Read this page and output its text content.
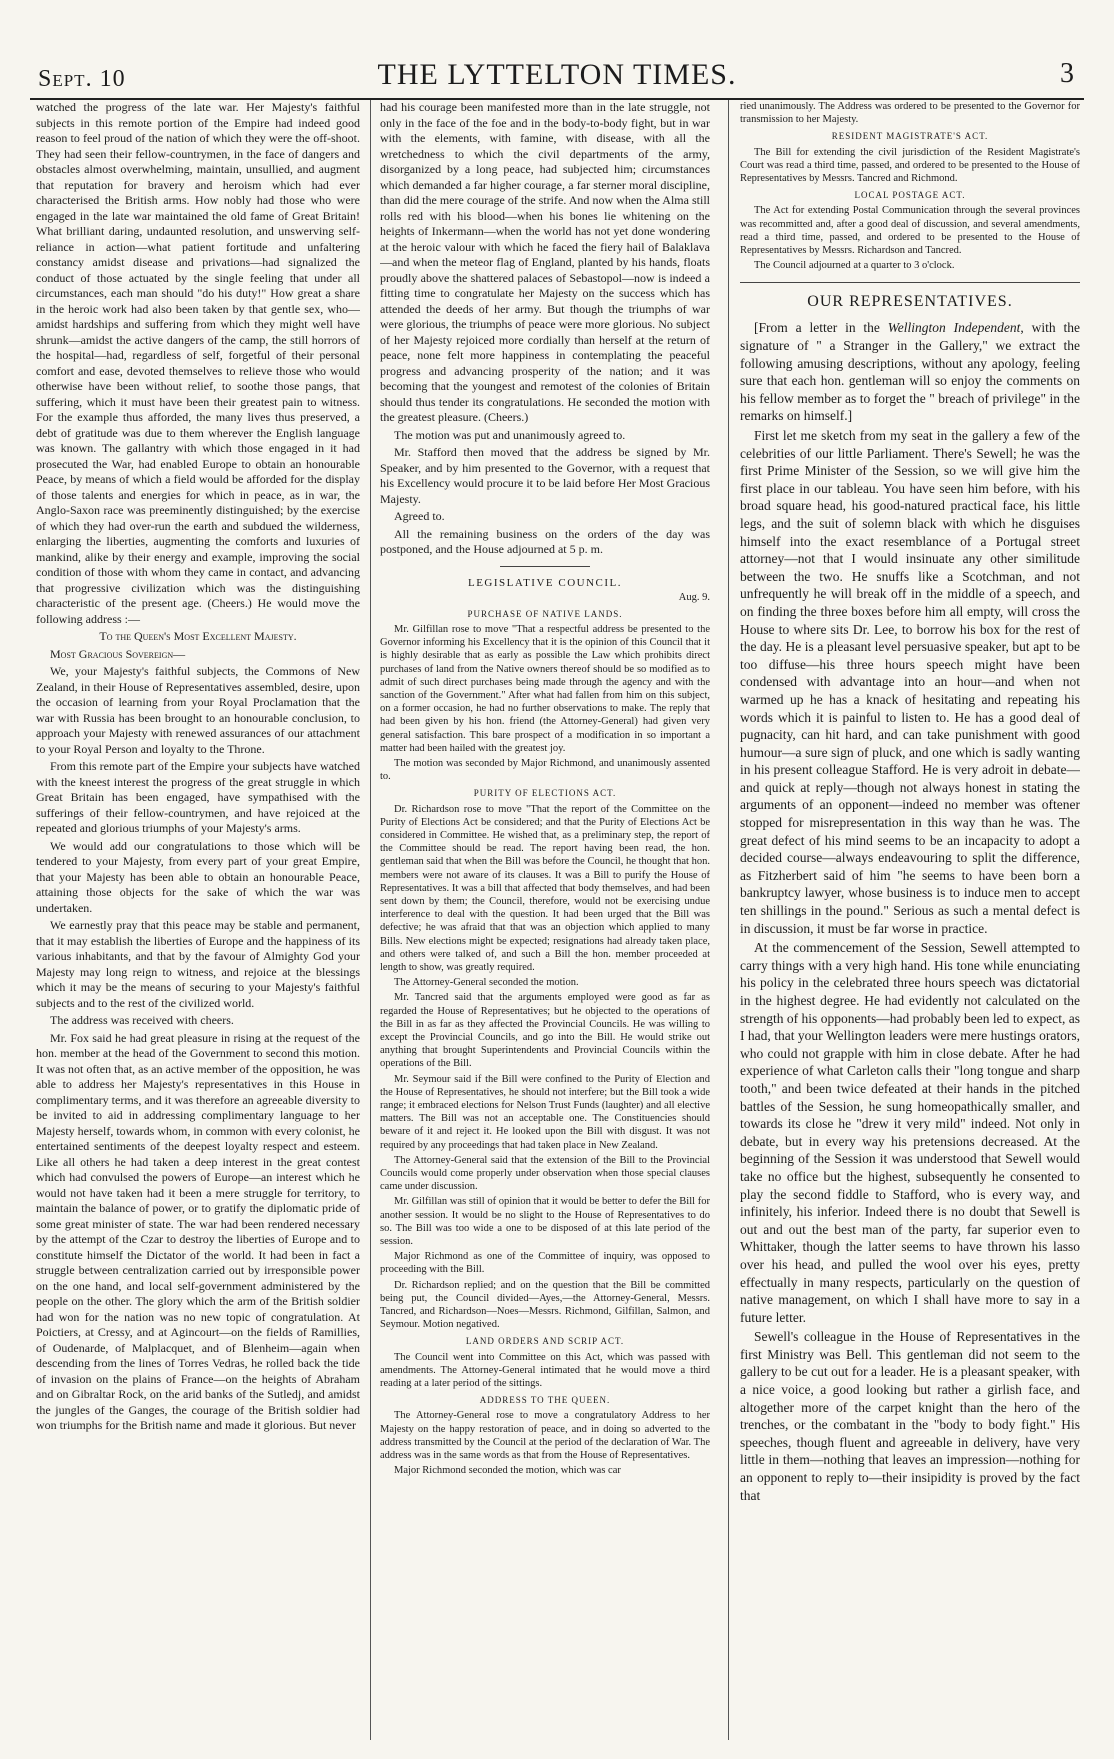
Sept. 10	THE LYTTELTON TIMES.	3

watched the progress of the late war. Her Majesty's faithful subjects in this remote portion of the Empire had indeed good reason to feel proud of the nation of which they were the off-shoot. They had seen their fellow-countrymen, in the face of dangers and obstacles almost overwhelming, maintain, unsullied, and augment that reputation for bravery and heroism which had ever characterised the British arms. How nobly had those who were engaged in the late war maintained the old fame of Great Britain! What brilliant daring, undaunted resolution, and unswerving self-reliance in action—what patient fortitude and unfaltering constancy amidst disease and privations—had signalized the conduct of those actuated by the single feeling that under all circumstances, each man should "do his duty!" How great a share in the heroic work had also been taken by that gentle sex, who—amidst hardships and suffering from which they might well have shrunk—amidst the active dangers of the camp, the still horrors of the hospital—had, regardless of self, forgetful of their personal comfort and ease, devoted themselves to relieve those who would otherwise have been without relief, to soothe those pangs, that suffering, which it must have been their greatest pain to witness. For the example thus afforded, the many lives thus preserved, a debt of gratitude was due to them wherever the English language was known. The gallantry with which those engaged in it had prosecuted the War, had enabled Europe to obtain an honourable Peace, by means of which a field would be afforded for the display of those talents and energies for which in peace, as in war, the Anglo-Saxon race was preeminently distinguished; by the exercise of which they had over-run the earth and subdued the wilderness, enlarging the liberties, augmenting the comforts and luxuries of mankind, alike by their energy and example, improving the social condition of those with whom they came in contact, and advancing that progressive civilization which was the distinguishing characteristic of the present age. (Cheers.) He would move the following address :—

To the Queen's Most Excellent Majesty.

Most Gracious Sovereign—

We, your Majesty's faithful subjects, the Commons of New Zealand, in their House of Representatives assembled, desire, upon the occasion of learning from your Royal Proclamation that the war with Russia has been brought to an honourable conclusion, to approach your Majesty with renewed assurances of our attachment to your Royal Person and loyalty to the Throne.

From this remote part of the Empire your subjects have watched with the kneest interest the progress of the great struggle in which Great Britain has been engaged, have sympathised with the sufferings of their fellow-countrymen, and have rejoiced at the repeated and glorious triumphs of your Majesty's arms.

We would add our congratulations to those which will be tendered to your Majesty, from every part of your great Empire, that your Majesty has been able to obtain an honourable Peace, attaining those objects for the sake of which the war was undertaken.

We earnestly pray that this peace may be stable and permanent, that it may establish the liberties of Europe and the happiness of its various inhabitants, and that by the favour of Almighty God your Majesty may long reign to witness, and rejoice at the blessings which it may be the means of securing to your Majesty's faithful subjects and to the rest of the civilized world.

The address was received with cheers.

Mr. Fox said he had great pleasure in rising at the request of the hon. member at the head of the Government to second this motion. It was not often that, as an active member of the opposition, he was able to address her Majesty's representatives in this House in complimentary terms, and it was therefore an agreeable diversity to be invited to aid in addressing complimentary language to her Majesty herself, towards whom, in common with every colonist, he entertained sentiments of the deepest loyalty respect and esteem. Like all others he had taken a deep interest in the great contest which had convulsed the powers of Europe—an interest which he would not have taken had it been a mere struggle for territory, to maintain the balance of power, or to gratify the diplomatic pride of some great minister of state. The war had been rendered necessary by the attempt of the Czar to destroy the liberties of Europe and to constitute himself the Dictator of the world. It had been in fact a struggle between centralization carried out by irresponsible power on the one hand, and local self-government administered by the people on the other. The glory which the arm of the British soldier had won for the nation was no new topic of congratulation. At Poictiers, at Cressy, and at Agincourt—on the fields of Ramillies, of Oudenarde, of Malplacquet, and of Blenheim—again when descending from the lines of Torres Vedras, he rolled back the tide of invasion on the plains of France—on the heights of Abraham and on Gibraltar Rock, on the arid banks of the Sutledj, and amidst the jungles of the Ganges, the courage of the British soldier had won triumphs for the British name and made it glorious. But never

had his courage been manifested more than in the late struggle, not only in the face of the foe and in the body-to-body fight, but in war with the elements, with famine, with disease, with all the wretchedness to which the civil departments of the army, disorganized by a long peace, had subjected him; circumstances which demanded a far higher courage, a far sterner moral discipline, than did the mere courage of the strife. And now when the Alma still rolls red with his blood—when his bones lie whitening on the heights of Inkermann—when the world has not yet done wondering at the heroic valour with which he faced the fiery hail of Balaklava—and when the meteor flag of England, planted by his hands, floats proudly above the shattered palaces of Sebastopol—now is indeed a fitting time to congratulate her Majesty on the success which has attended the deeds of her army. But though the triumphs of war were glorious, the triumphs of peace were more glorious. No subject of her Majesty rejoiced more cordially than herself at the return of peace, none felt more happiness in contemplating the peaceful progress and advancing prosperity of the nation; and it was becoming that the youngest and remotest of the colonies of Britain should thus tender its congratulations. He seconded the motion with the greatest pleasure. (Cheers.)

The motion was put and unanimously agreed to.

Mr. Stafford then moved that the address be signed by Mr. Speaker, and by him presented to the Governor, with a request that his Excellency would procure it to be laid before Her Most Gracious Majesty.

Agreed to.

All the remaining business on the orders of the day was postponed, and the House adjourned at 5 p. m.

LEGISLATIVE COUNCIL.
Aug. 9.
PURCHASE OF NATIVE LANDS.

Mr. Gilfillan rose to move "That a respectful address be presented to the Governor informing his Excellency that it is the opinion of this Council that it is highly desirable that as early as possible the Law which prohibits direct purchases of land from the Native owners thereof should be so modified as to admit of such direct purchases being made through the agency and with the sanction of the Government." After what had fallen from him on this subject, on a former occasion, he had no further observations to make. The reply that had been given by his hon. friend (the Attorney-General) had given very general satisfaction. This bare prospect of a modification in so important a matter had been hailed with the greatest joy.

The motion was seconded by Major Richmond, and unanimously assented to.

PURITY OF ELECTIONS ACT.

Dr. Richardson rose to move "That the report of the Committee on the Purity of Elections Act be considered; and that the Purity of Elections Act be considered in Committee. He wished that, as a preliminary step, the report of the Committee should be read. The report having been read, the hon. gentleman said that when the Bill was before the Council, he thought that hon. members were not aware of its clauses. It was a Bill to purify the House of Representatives. It was a bill that affected that body themselves, and had been sent down by them; the Council, therefore, would not be exercising undue interference to deal with the question. It had been urged that the Bill was defective; he was afraid that that was an objection which applied to many Bills. New elections might be expected; resignations had already taken place, and others were talked of, and such a Bill the hon. member proceeded at length to show, was greatly required.

The Attorney-General seconded the motion.

Mr. Tancred said that the arguments employed were good as far as regarded the House of Representatives; but he objected to the operations of the Bill in as far as they affected the Provincial Councils. He was willing to except the Provincial Councils, and go into the Bill. He would strike out anything that brought Superintendents and Provincial Councils within the operations of the Bill.

Mr. Seymour said if the Bill were confined to the Purity of Election and the House of Representatives, he should not interfere; but the Bill took a wide range; it embraced elections for Nelson Trust Funds (laughter) and all elective matters. The Bill was not an acceptable one. The Constituencies should beware of it and reject it. He looked upon the Bill with disgust. It was not required by any proceedings that had taken place in New Zealand.

The Attorney-General said that the extension of the Bill to the Provincial Councils would come properly under observation when those special clauses came under discussion.

Mr. Gilfillan was still of opinion that it would be better to defer the Bill for another session. It would be no slight to the House of Representatives to do so. The Bill was too wide a one to be disposed of at this late period of the session.

Major Richmond as one of the Committee of inquiry, was opposed to proceeding with the Bill.

Dr. Richardson replied; and on the question that the Bill be committed being put, the Council divided—Ayes,—the Attorney-General, Messrs. Tancred, and Richardson—Noes—Messrs. Richmond, Gilfillan, Salmon, and Seymour. Motion negatived.

LAND ORDERS AND SCRIP ACT.

The Council went into Committee on this Act, which was passed with amendments. The Attorney-General intimated that he would move a third reading at a later period of the sittings.

ADDRESS TO THE QUEEN.

The Attorney-General rose to move a congratulatory Address to her Majesty on the happy restoration of peace, and in doing so adverted to the address transmitted by the Council at the period of the declaration of War. The address was in the same words as that from the House of Representatives.

Major Richmond seconded the motion, which was car

ried unanimously. The Address was ordered to be presented to the Governor for transmission to her Majesty.

RESIDENT MAGISTRATE'S ACT.

The Bill for extending the civil jurisdiction of the Resident Magistrate's Court was read a third time, passed, and ordered to be presented to the House of Representatives by Messrs. Tancred and Richmond.

LOCAL POSTAGE ACT.

The Act for extending Postal Communication through the several provinces was recommitted and, after a good deal of discussion, and several amendments, read a third time, passed, and ordered to be presented to the House of Representatives by Messrs. Richardson and Tancred.

The Council adjourned at a quarter to 3 o'clock.

OUR REPRESENTATIVES.

[From a letter in the Wellington Independent, with the signature of " a Stranger in the Gallery," we extract the following amusing descriptions, without any apology, feeling sure that each hon. gentleman will so enjoy the comments on his fellow member as to forget the " breach of privilege" in the remarks on himself.]

First let me sketch from my seat in the gallery a few of the celebrities of our little Parliament. There's Sewell; he was the first Prime Minister of the Session, so we will give him the first place in our tableau. You have seen him before, with his broad square head, his good-natured practical face, his little legs, and the suit of solemn black with which he disguises himself into the exact resemblance of a Portugal street attorney—not that I would insinuate any other similitude between the two. He snuffs like a Scotchman, and not unfrequently he will break off in the middle of a speech, and on finding the three boxes before him all empty, will cross the House to where sits Dr. Lee, to borrow his box for the rest of the day. He is a pleasant level persuasive speaker, but apt to be too diffuse—his three hours speech might have been condensed with advantage into an hour—and when not warmed up he has a knack of hesitating and repeating his words which it is painful to listen to. He has a good deal of pugnacity, can hit hard, and can take punishment with good humour—a sure sign of pluck, and one which is sadly wanting in his present colleague Stafford. He is very adroit in debate—and quick at reply—though not always honest in stating the arguments of an opponent—indeed no member was oftener stopped for misrepresentation in this way than he was. The great defect of his mind seems to be an incapacity to adopt a decided course—always endeavouring to split the difference, as Fitzherbert said of him "he seems to have been born a bankruptcy lawyer, whose business is to induce men to accept ten shillings in the pound." Serious as such a mental defect is in discussion, it must be far worse in practice.

At the commencement of the Session, Sewell attempted to carry things with a very high hand. His tone while enunciating his policy in the celebrated three hours speech was dictatorial in the highest degree. He had evidently not calculated on the strength of his opponents—had probably been led to expect, as I had, that your Wellington leaders were mere hustings orators, who could not grapple with him in close debate. After he had experience of what Carleton calls their "long tongue and sharp tooth," and been twice defeated at their hands in the pitched battles of the Session, he sung homeopathically smaller, and towards its close he "drew it very mild" indeed. Not only in debate, but in every way his pretensions decreased. At the beginning of the Session it was understood that Sewell would take no office but the highest, subsequently he consented to play the second fiddle to Stafford, who is every way, and infinitely, his inferior. Indeed there is no doubt that Sewell is out and out the best man of the party, far superior even to Whittaker, though the latter seems to have thrown his lasso over his head, and pulled the wool over his eyes, pretty effectually in many respects, particularly on the question of native management, on which I shall have more to say in a future letter.

Sewell's colleague in the House of Representatives in the first Ministry was Bell. This gentleman did not seem to the gallery to be cut out for a leader. He is a pleasant speaker, with a nice voice, a good looking but rather a girlish face, and altogether more of the carpet knight than the hero of the trenches, or the combatant in the "body to body fight." His speeches, though fluent and agreeable in delivery, have very little in them—nothing that leaves an impression—nothing for an opponent to reply to—their insipidity is proved by the fact that
